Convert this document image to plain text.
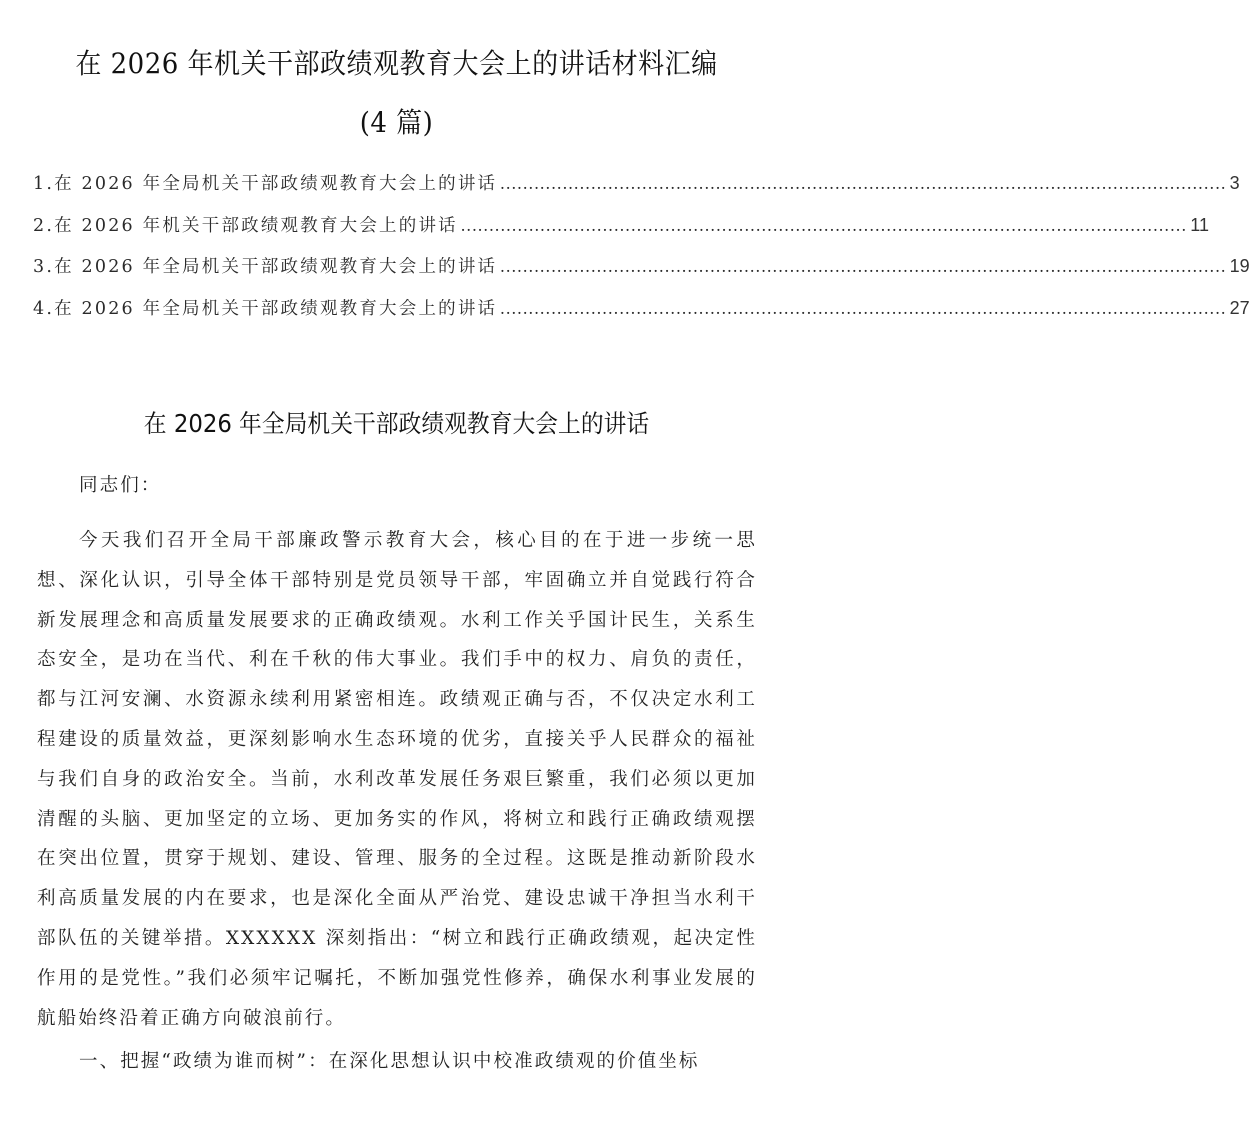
在 2026 年机关干部政绩观教育大会上的讲话材料汇编
(4 篇)
1.在 2026 年全局机关干部政绩观教育大会上的讲话 ................................................................................................................................ 3
2.在 2026 年机关干部政绩观教育大会上的讲话 ................................................................................................................................ 11
3.在 2026 年全局机关干部政绩观教育大会上的讲话 ................................................................................................................................ 19
4.在 2026 年全局机关干部政绩观教育大会上的讲话 ................................................................................................................................ 27
在 2026 年全局机关干部政绩观教育大会上的讲话

同志们：

今天我们召开全局干部廉政警示教育大会，核心目的在于进一步统一思想、深化认识，引导全体干部特别是党员领导干部，牢固确立并自觉践行符合新发展理念和高质量发展要求的正确政绩观。水利工作关乎国计民生，关系生态安全，是功在当代、利在千秋的伟大事业。我们手中的权力、肩负的责任，都与江河安澜、水资源永续利用紧密相连。政绩观正确与否，不仅决定水利工程建设的质量效益，更深刻影响水生态环境的优劣，直接关乎人民群众的福祉与我们自身的政治安全。当前，水利改革发展任务艰巨繁重，我们必须以更加清醒的头脑、更加坚定的立场、更加务实的作风，将树立和践行正确政绩观摆在突出位置，贯穿于规划、建设、管理、服务的全过程。这既是推动新阶段水利高质量发展的内在要求，也是深化全面从严治党、建设忠诚干净担当水利干部队伍的关键举措。XXXXXX 深刻指出：“树立和践行正确政绩观，起决定性作用的是党性。”我们必须牢记嘱托，不断加强党性修养，确保水利事业发展的航船始终沿着正确方向破浪前行。

一、把握“政绩为谁而树”：在深化思想认识中校准政绩观的价值坐标
